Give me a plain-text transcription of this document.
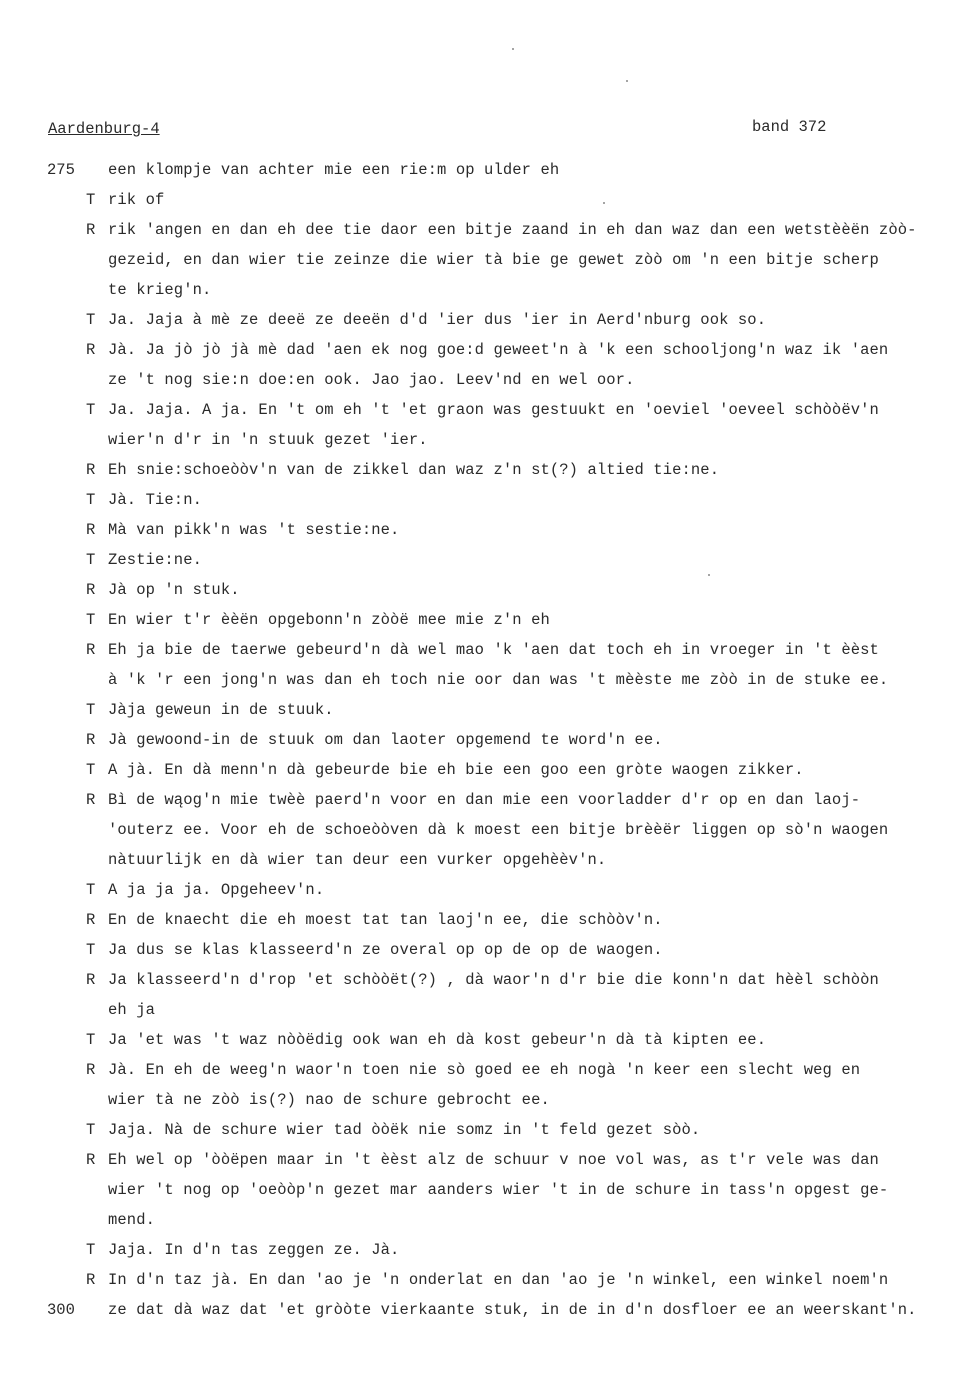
Aardenburg-4	band 372
275 een klompje van achter mie een rie:m op ulder eh
T rik of
R rik 'angen en dan eh dee tie daor een bitje zaand in eh dan waz dan een wetstèèën zòò-
gezeid, en dan wier tie zeinze die wier tà bie ge gewet zòò om 'n een bitje scherp
te krieg'n.
T Ja. Jaja à mè ze deeë ze deeën d'd 'ier dus 'ier in Aerd'nburg ook so.
R Jà. Ja jò jò jà mè dad 'aen ek nog goe:d geweet'n à 'k een schooljong'n waz ik 'aen
ze 't nog sie:n doe:en ook. Jao jao. Leev'nd en wel oor.
T Ja. Jaja. A ja. En 't om eh 't 'et graon was gestuukt en 'oeviel 'oeveel schòòëv'n
wier'n d'r in 'n stuuk gezet 'ier.
R Eh snie:schoeòòv'n van de zikkel dan waz z'n st(?) altied tie:ne.
T Jà. Tie:n.
R Mà van pikk'n was 't sestie:ne.
T Zestie:ne.
R Jà op 'n stuk.
T En wier t'r èèën opgebonn'n zòòë mee mie z'n eh
R Eh ja bie de taerwe gebeurd'n dà wel mao 'k 'aen dat toch eh in vroeger in 't èèst
à 'k 'r een jong'n was dan eh toch nie oor dan was 't mèèste me zòò in de stuke ee.
T Jàja geweun in de stuuk.
R Jà gewoond-in de stuuk om dan laoter opgemend te word'n ee.
T A jà. En dà menn'n dà gebeurde bie eh bie een goo een gròte waogen zikker.
R Bì de wąog'n mie twèè paerd'n voor en dan mie een voorladder d'r op en dan laoj-
'outerz ee. Voor eh de schoeòòven dà k moest een bitje brèèër liggen op sò'n waogen
nàtuurlijk en dà wier tan deur een vurker opgehèèv'n.
T A ja ja ja. Opgeheev'n.
R En de knaecht die eh moest tat tan laoj'n ee, die schòòv'n.
T Ja dus se klas klasseerd'n ze overal op op de op de waogen.
R Ja klasseerd'n d'rop 'et schòòët(?) , dà waor'n d'r bie die konn'n dat hèèl schòòn
eh ja
T Ja 'et was 't waz nòòëdig ook wan eh dà kost gebeur'n dà tà kipten ee.
R Jà. En eh de weeg'n waor'n toen nie sò goed ee eh nogà 'n keer een slecht weg en
wier tà ne zòò is(?) nao de schure gebrocht ee.
T Jaja. Nà de schure wier tad òòëk nie somz in 't feld gezet sòò.
R Eh wel op 'òòëpen maar in 't èèst alz de schuur v noe vol was, as t'r vele was dan
wier 't nog op 'oeòòp'n gezet mar aanders wier 't in de schure in tass'n opgest ge-
mend.
T Jaja. In d'n tas zeggen ze. Jà.
R In d'n taz jà. En dan 'ao je 'n onderlat en dan 'ao je 'n winkel, een winkel noem'n
300 ze dat dà waz dat 'et gròòte vierkaante stuk, in de in d'n dosfloer ee an weerskant'n.
